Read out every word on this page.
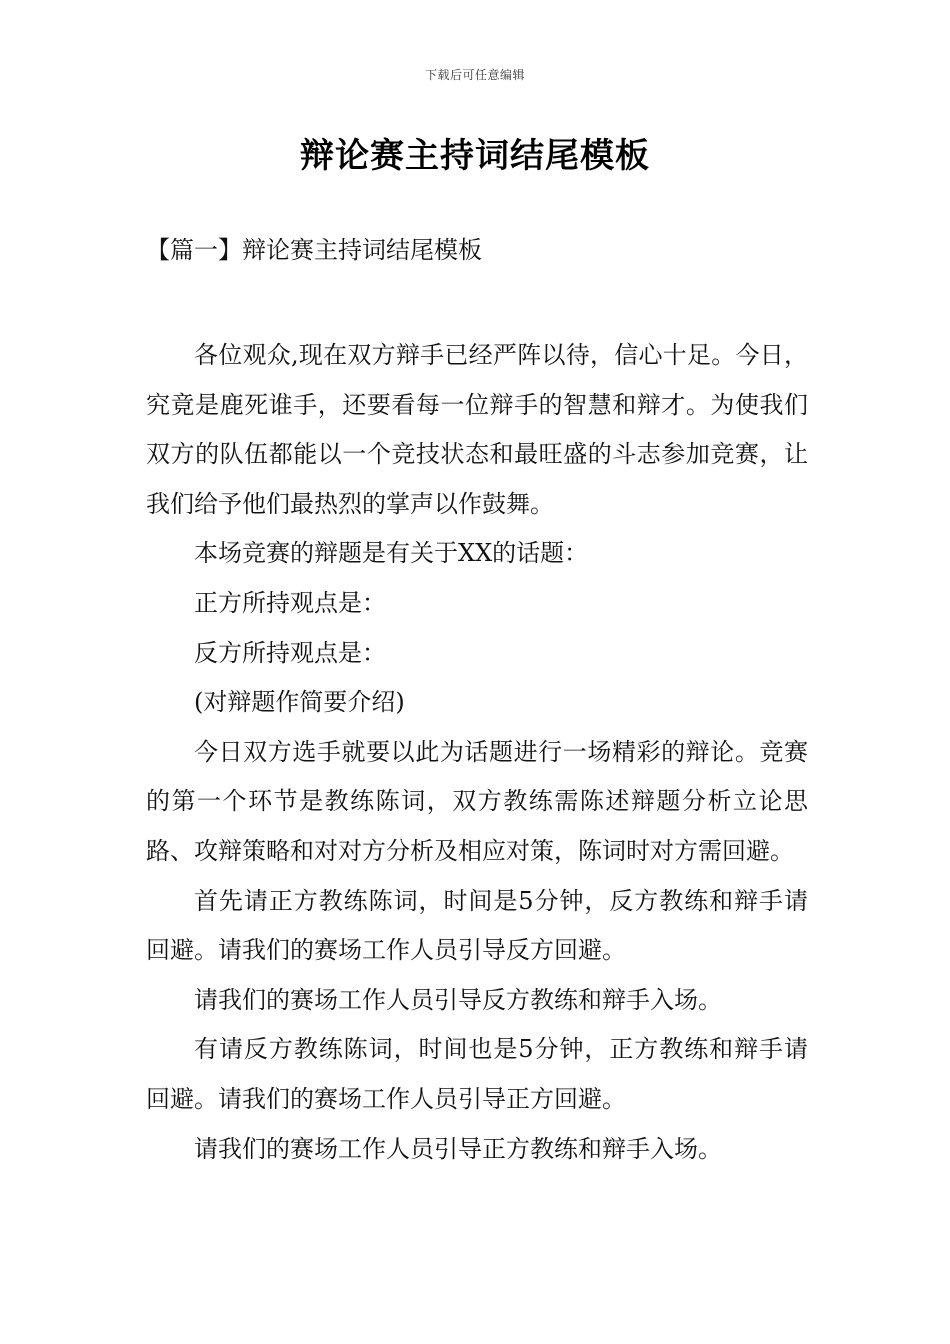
下载后可任意编辑
辩论赛主持词结尾模板
【篇一】辩论赛主持词结尾模板

各位观众,现在双方辩手已经严阵以待，信心十足。今日，究竟是鹿死谁手，还要看每一位辩手的智慧和辩才。为使我们双方的队伍都能以一个竞技状态和最旺盛的斗志参加竞赛，让我们给予他们最热烈的掌声以作鼓舞。

本场竞赛的辩题是有关于XX的话题：

正方所持观点是：

反方所持观点是：

(对辩题作简要介绍)

今日双方选手就要以此为话题进行一场精彩的辩论。竞赛的第一个环节是教练陈词，双方教练需陈述辩题分析立论思路、攻辩策略和对对方分析及相应对策，陈词时对方需回避。

首先请正方教练陈词，时间是5分钟，反方教练和辩手请回避。请我们的赛场工作人员引导反方回避。

请我们的赛场工作人员引导反方教练和辩手入场。

有请反方教练陈词，时间也是5分钟，正方教练和辩手请回避。请我们的赛场工作人员引导正方回避。

请我们的赛场工作人员引导正方教练和辩手入场。
